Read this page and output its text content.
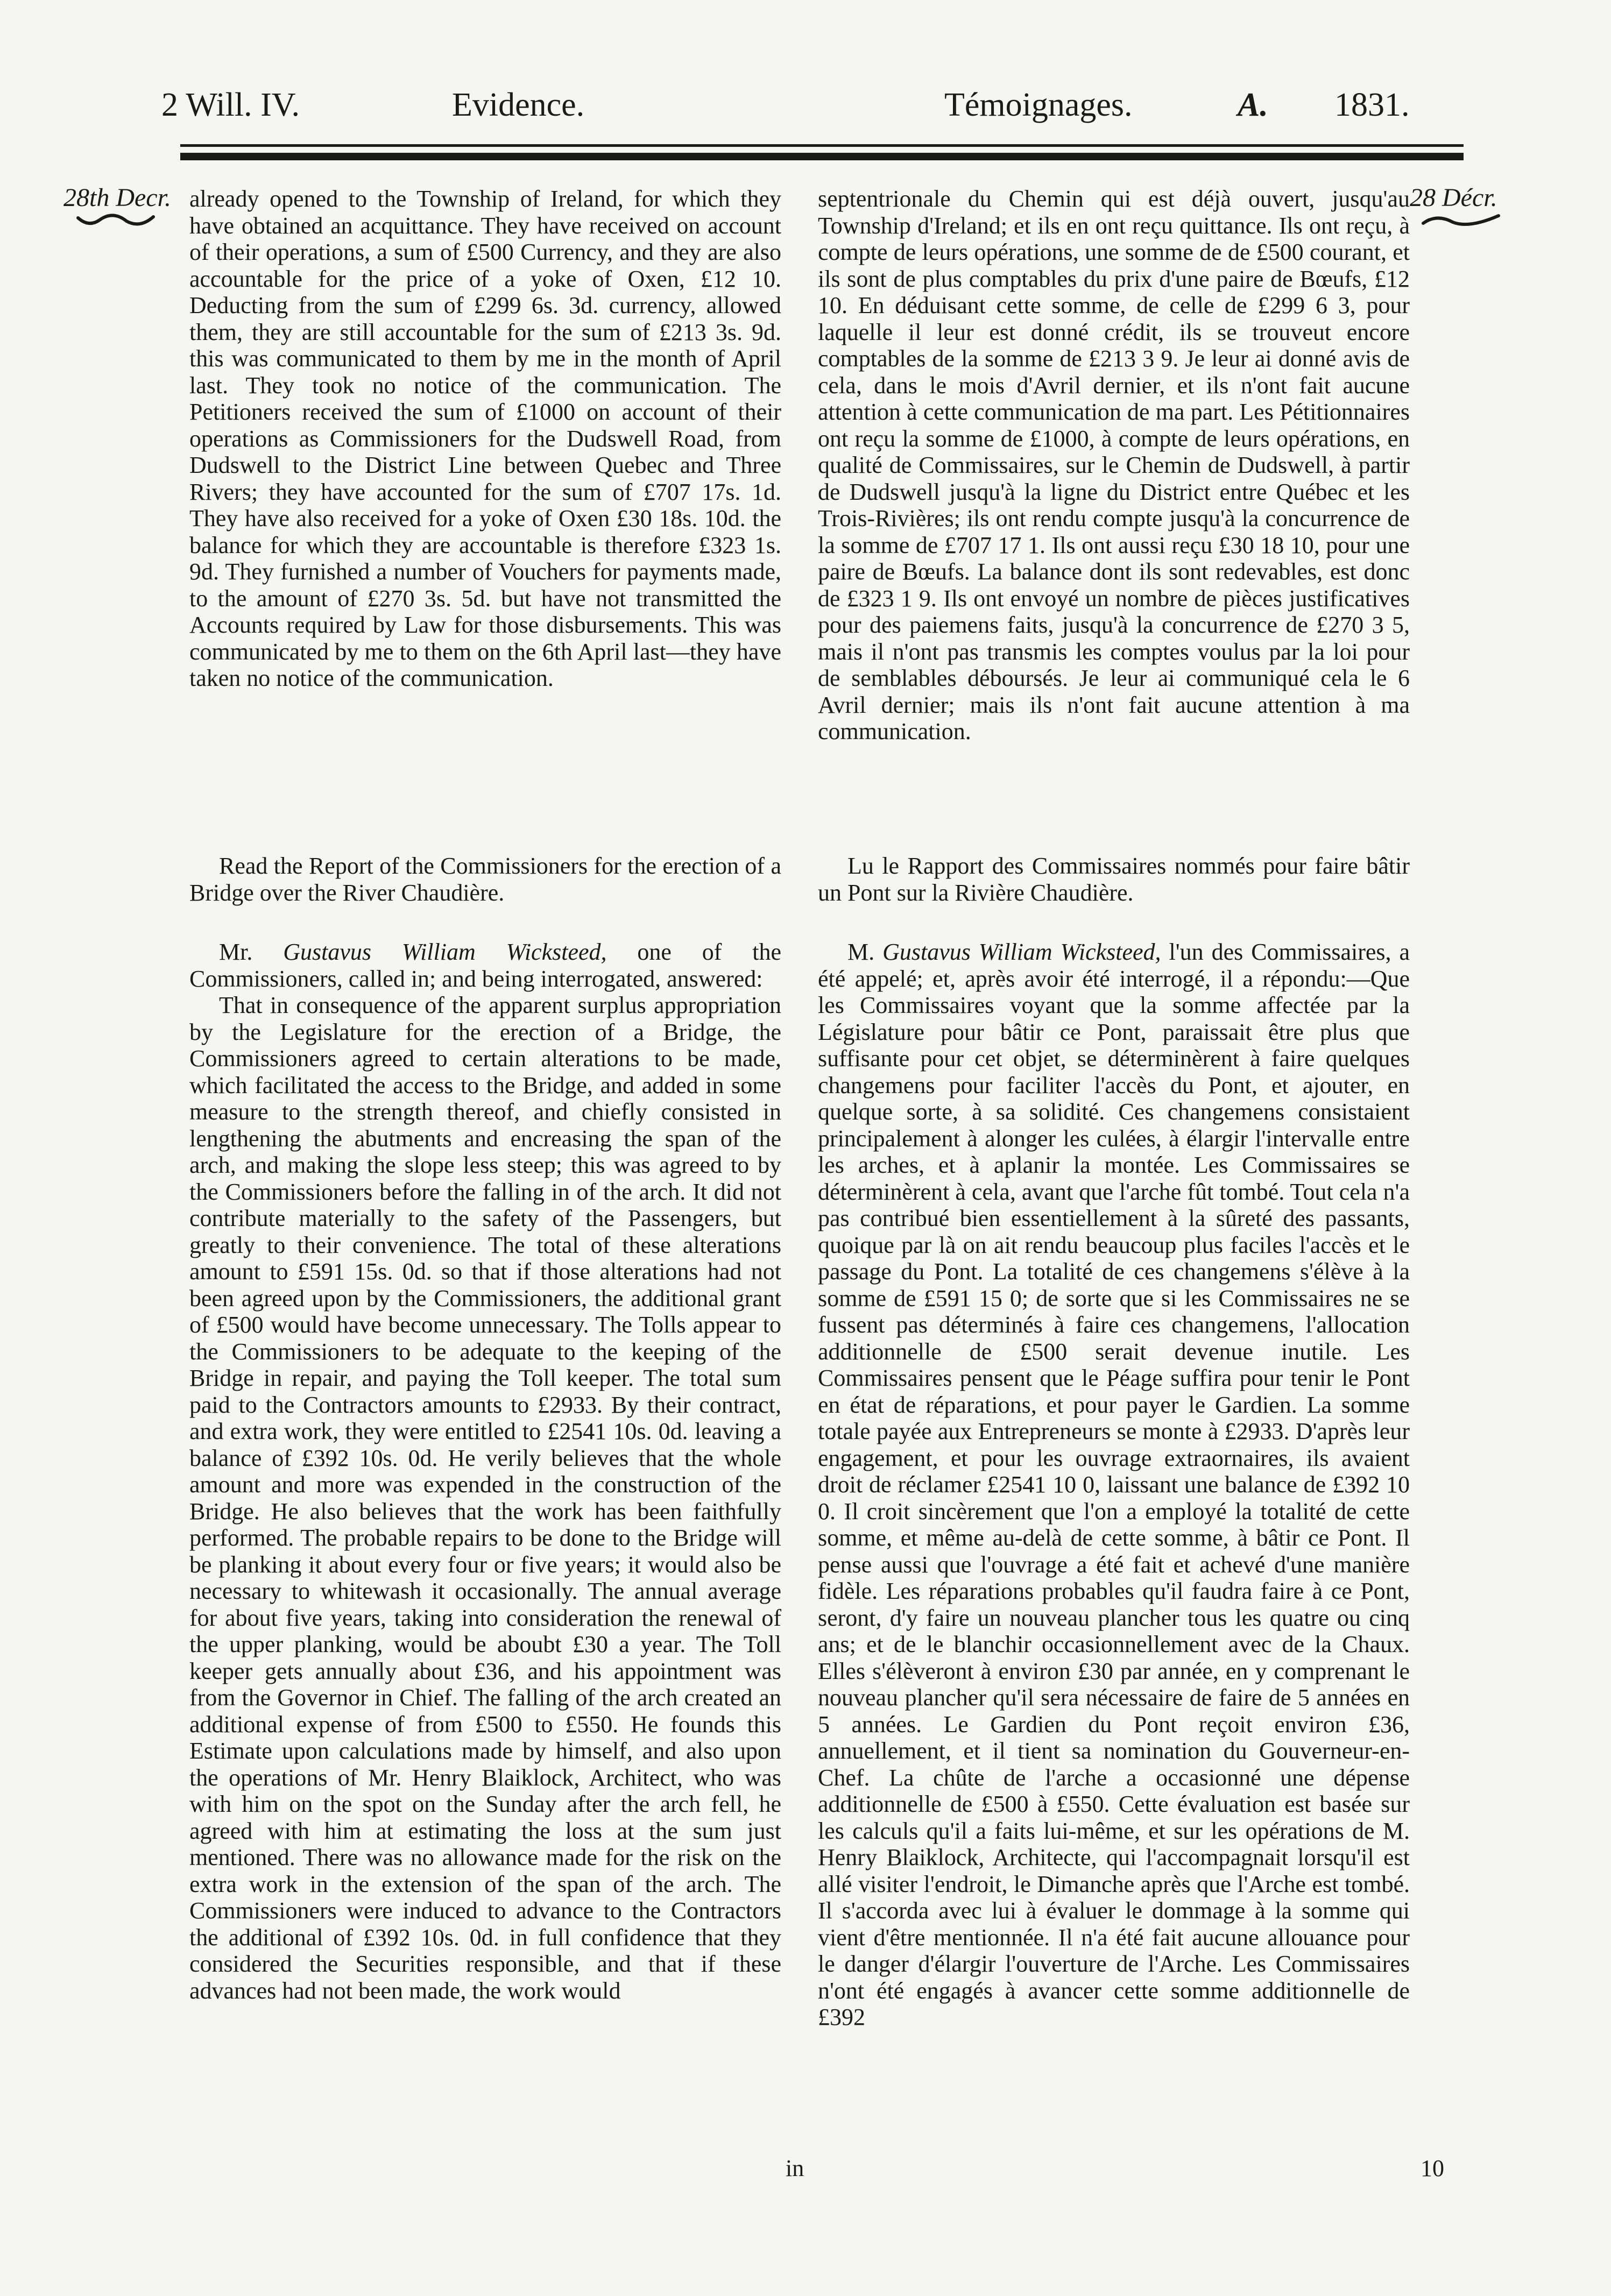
2 Will. IV.	Evidence.	Témoignages.	A. 1831.
28th Decr.	28 Décr.

already opened to the Township of Ireland, for which they have obtained an acquittance. They have received on account of their operations, a sum of £500 Currency, and they are also accountable for the price of a yoke of Oxen, £12 10. Deducting from the sum of £299 6s. 3d. currency, allowed them, they are still accountable for the sum of £213 3s. 9d. this was communicated to them by me in the month of April last. They took no notice of the communication. The Petitioners received the sum of £1000 on account of their operations as Commissioners for the Dudswell Road, from Dudswell to the District Line between Quebec and Three Rivers; they have accounted for the sum of £707 17s. 1d. They have also received for a yoke of Oxen £30 18s. 10d. the balance for which they are accountable is therefore £323 1s. 9d. They furnished a number of Vouchers for payments made, to the amount of £270 3s. 5d. but have not transmitted the Accounts required by Law for those disbursements. This was communicated by me to them on the 6th April last—they have taken no notice of the communication.

Read the Report of the Commissioners for the erection of a Bridge over the River Chaudière.

Mr. Gustavus William Wicksteed, one of the Commissioners, called in; and being interrogated, answered:

That in consequence of the apparent surplus appropriation by the Legislature for the erection of a Bridge, the Commissioners agreed to certain alterations to be made, which facilitated the access to the Bridge, and added in some measure to the strength thereof, and chiefly consisted in lengthening the abutments and encreasing the span of the arch, and making the slope less steep; this was agreed to by the Commissioners before the falling in of the arch. It did not contribute materially to the safety of the Passengers, but greatly to their convenience. The total of these alterations amount to £591 15s. 0d. so that if those alterations had not been agreed upon by the Commissioners, the additional grant of £500 would have become unnecessary. The Tolls appear to the Commissioners to be adequate to the keeping of the Bridge in repair, and paying the Toll keeper. The total sum paid to the Contractors amounts to £2933. By their contract, and extra work, they were entitled to £2541 10s. 0d. leaving a balance of £392 10s. 0d. He verily believes that the whole amount and more was expended in the construction of the Bridge. He also believes that the work has been faithfully performed. The probable repairs to be done to the Bridge will be planking it about every four or five years; it would also be necessary to whitewash it occasionally. The annual average for about five years, taking into consideration the renewal of the upper planking, would be aboubt £30 a year. The Toll keeper gets annually about £36, and his appointment was from the Governor in Chief. The falling of the arch created an additional expense of from £500 to £550. He founds this Estimate upon calculations made by himself, and also upon the operations of Mr. Henry Blaiklock, Architect, who was with him on the spot on the Sunday after the arch fell, he agreed with him at estimating the loss at the sum just mentioned. There was no allowance made for the risk on the extra work in the extension of the span of the arch. The Commissioners were induced to advance to the Contractors the additional of £392 10s. 0d. in full confidence that they considered the Securities responsible, and that if these advances had not been made, the work would

septentrionale du Chemin qui est déjà ouvert, jusqu'au Township d'Ireland; et ils en ont reçu quittance. Ils ont reçu, à compte de leurs opérations, une somme de de £500 courant, et ils sont de plus comptables du prix d'une paire de Bœufs, £12 10. En déduisant cette somme, de celle de £299 6 3, pour laquelle il leur est donné crédit, ils se trouveut encore comptables de la somme de £213 3 9. Je leur ai donné avis de cela, dans le mois d'Avril dernier, et ils n'ont fait aucune attention à cette communication de ma part. Les Pétitionnaires ont reçu la somme de £1000, à compte de leurs opérations, en qualité de Commissaires, sur le Chemin de Dudswell, à partir de Dudswell jusqu'à la ligne du District entre Québec et les Trois-Rivières; ils ont rendu compte jusqu'à la concurrence de la somme de £707 17 1. Ils ont aussi reçu £30 18 10, pour une paire de Bœufs. La balance dont ils sont redevables, est donc de £323 1 9. Ils ont envoyé un nombre de pièces justificatives pour des paiemens faits, jusqu'à la concurrence de £270 3 5, mais il n'ont pas transmis les comptes voulus par la loi pour de semblables déboursés. Je leur ai communiqué cela le 6 Avril dernier; mais ils n'ont fait aucune attention à ma communication.

Lu le Rapport des Commissaires nommés pour faire bâtir un Pont sur la Rivière Chaudière.

M. Gustavus William Wicksteed, l'un des Commissaires, a été appelé; et, après avoir été interrogé, il a répondu:—Que les Commissaires voyant que la somme affectée par la Législature pour bâtir ce Pont, paraissait être plus que suffisante pour cet objet, se déterminèrent à faire quelques changemens pour faciliter l'accès du Pont, et ajouter, en quelque sorte, à sa solidité. Ces changemens consistaient principalement à alonger les culées, à élargir l'intervalle entre les arches, et à aplanir la montée. Les Commissaires se déterminèrent à cela, avant que l'arche fût tombé. Tout cela n'a pas contribué bien essentiellement à la sûreté des passants, quoique par là on ait rendu beaucoup plus faciles l'accès et le passage du Pont. La totalité de ces changemens s'élève à la somme de £591 15 0; de sorte que si les Commissaires ne se fussent pas déterminés à faire ces changemens, l'allocation additionnelle de £500 serait devenue inutile. Les Commissaires pensent que le Péage suffira pour tenir le Pont en état de réparations, et pour payer le Gardien. La somme totale payée aux Entrepreneurs se monte à £2933. D'après leur engagement, et pour les ouvrage extraornaires, ils avaient droit de réclamer £2541 10 0, laissant une balance de £392 10 0. Il croit sincèrement que l'on a employé la totalité de cette somme, et même au-delà de cette somme, à bâtir ce Pont. Il pense aussi que l'ouvrage a été fait et achevé d'une manière fidèle. Les réparations probables qu'il faudra faire à ce Pont, seront, d'y faire un nouveau plancher tous les quatre ou cinq ans; et de le blanchir occasionnellement avec de la Chaux. Elles s'élèveront à environ £30 par année, en y comprenant le nouveau plancher qu'il sera nécessaire de faire de 5 années en 5 années. Le Gardien du Pont reçoit environ £36, annuellement, et il tient sa nomination du Gouverneur-en-Chef. La chûte de l'arche a occasionné une dépense additionnelle de £500 à £550. Cette évaluation est basée sur les calculs qu'il a faits lui-même, et sur les opérations de M. Henry Blaiklock, Architecte, qui l'accompagnait lorsqu'il est allé visiter l'endroit, le Dimanche après que l'Arche est tombé. Il s'accorda avec lui à évaluer le dommage à la somme qui vient d'être mentionnée. Il n'a été fait aucune allouance pour le danger d'élargir l'ouverture de l'Arche. Les Commissaires n'ont été engagés à avancer cette somme additionnelle de £392

in	10
